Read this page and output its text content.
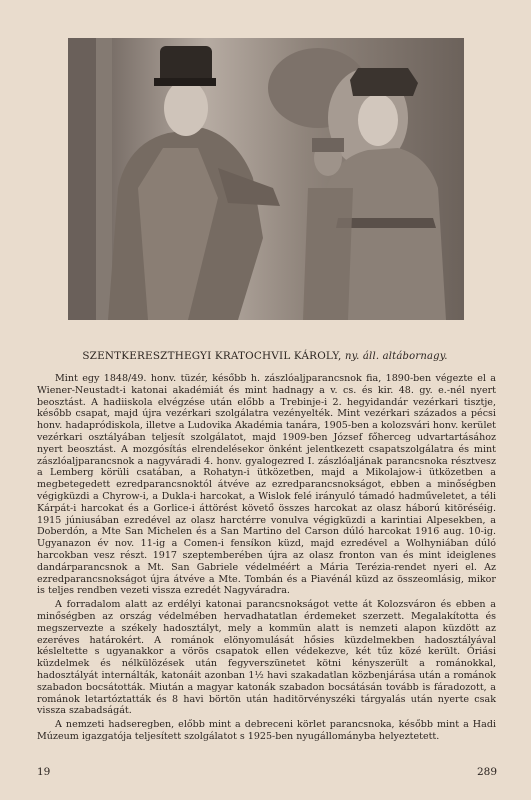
SZENTKERESZTHEGYI KRATOCHVIL KÁROLY, ny. áll. altábornagy.

Mint egy 1848/49. honv. tüzér, később h. zászlóaljparancsnok fia, 1890-ben végezte el a Wiener-Neustadt-i katonai akadémiát és mint hadnagy a v. cs. és kir. 48. gy. e.-nél nyert beosztást. A hadiiskola elvégzése után előbb a Trebinje-i 2. hegyidandár vezérkari tisztje, később csapat, majd újra vezérkari szolgálatra vezényelték. Mint vezérkari százados a pécsi honv. hadapródiskola, illetve a Ludovika Akadémia tanára, 1905-ben a kolozsvári honv. kerület vezérkari osztályában teljesít szolgálatot, majd 1909-ben József főherceg udvartartásához nyert beosztást. A mozgósítás elrendelésekor önként jelentkezett csapatszolgálatra és mint zászlóaljparancsnok a nagyváradi 4. honv. gyalogezred I. zászlóaljának parancsnoka résztvesz a Lemberg körüli csatában, a Rohatyn-i ütközetben, majd a Mikolajow-i ütközetben a megbetegedett ezredparancsnoktól átvéve az ezredparancsnokságot, ebben a minőségben végigküzdi a Chyrow-i, a Dukla-i harcokat, a Wislok felé irányuló támadó hadműveletet, a téli Kárpát-i harcokat és a Gorlice-i áttörést követő összes harcokat az olasz háború kitöréséig. 1915 júniusában ezredével az olasz harctérre vonulva végigküzdi a karintiai Alpesekben, a Doberdón, a Mte San Michelen és a San Martino del Carson dúló harcokat 1916 aug. 10-ig. Ugyanazon év nov. 11-ig a Comen-i fensíkon küzd, majd ezredével a Wolhyniában dúló harcokban vesz részt. 1917 szeptemberében újra az olasz fronton van és mint ideiglenes dandárparancsnok a Mt. San Gabriele védelméért a Mária Terézia-rendet nyeri el. Az ezredparancsnokságot újra átvéve a Mte. Tombán és a Piavénál küzd az összeomlásig, mikor is teljes rendben vezeti vissza ezredét Nagyváradra.

A forradalom alatt az erdélyi katonai parancsnokságot vette át Kolozsváron és ebben a minőségben az ország védelmében hervadhatatlan érdemeket szerzett. Megalakította és megszervezte a székely hadosztályt, mely a kommün alatt is nemzeti alapon küzdött az ezeréves határokért. A románok elönyomulását hősies küzdelmekben hadosztályával késleltette s ugyanakkor a vörös csapatok ellen védekezve, két tűz közé került. Óriási küzdelmek és nélkülözések után fegyverszünetet kötni kényszerült a románokkal, hadosztályát internálták, katonáit azonban 1½ havi szakadatlan közbenjárása után a románok szabadon bocsátották. Miután a magyar katonák szabadon bocsátásán tovább is fáradozott, a románok letartóztatták és 8 havi börtön után haditörvényszéki tárgyalás után nyerte csak vissza szabadságát.

A nemzeti hadseregben, előbb mint a debreceni körlet parancsnoka, később mint a Hadi Múzeum igazgatója teljesített szolgálatot s 1925-ben nyugállományba helyeztetett.

19	289
